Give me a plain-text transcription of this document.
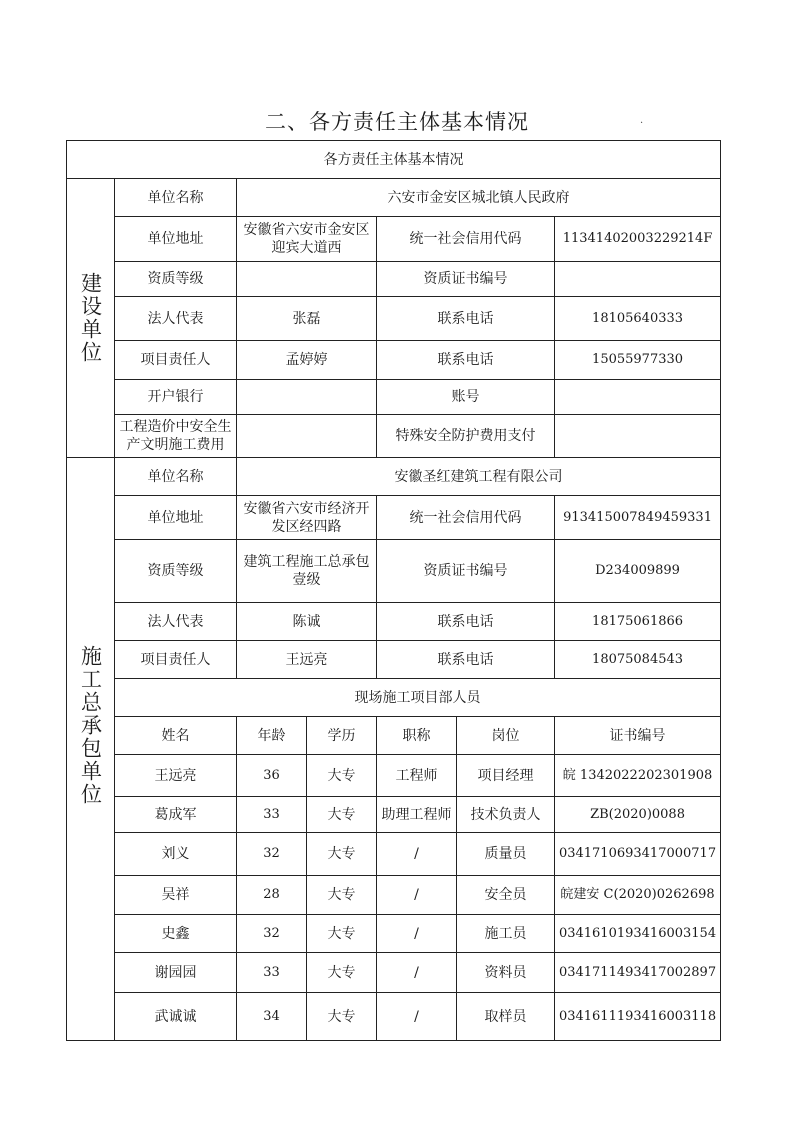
二、各方责任主体基本情况	·
各方责任主体基本情况						
建设单位	单位名称	六安市金安区城北镇人民政府				
	单位地址	安徽省六安市金安区迎宾大道西		统一社会信用代码		11341402003229214F
	资质等级			资质证书编号		
	法人代表	张磊		联系电话		18105640333
	项目责任人	孟婷婷		联系电话		15055977330
	开户银行			账号		
	工程造价中安全生产文明施工费用			特殊安全防护费用支付		
施工总承包单位	单位名称	安徽圣红建筑工程有限公司				
	单位地址	安徽省六安市经济开发区经四路		统一社会信用代码		913415007849459331
	资质等级	建筑工程施工总承包壹级		资质证书编号		D234009899
	法人代表	陈诚		联系电话		18175061866
	项目责任人	王远亮		联系电话		18075084543
	现场施工项目部人员					
	姓名	年龄	学历	职称	岗位	证书编号
	王远亮	36	大专	工程师	项目经理	皖 1342022202301908
	葛成军	33	大专	助理工程师	技术负责人	ZB(2020)0088
	刘义	32	大专	/	质量员	0341710693417000717
	吴祥	28	大专	/	安全员	皖建安 C(2020)0262698
	史鑫	32	大专	/	施工员	0341610193416003154
	谢园园	33	大专	/	资料员	0341711493417002897
	武诚诚	34	大专	/	取样员	0341611193416003118
